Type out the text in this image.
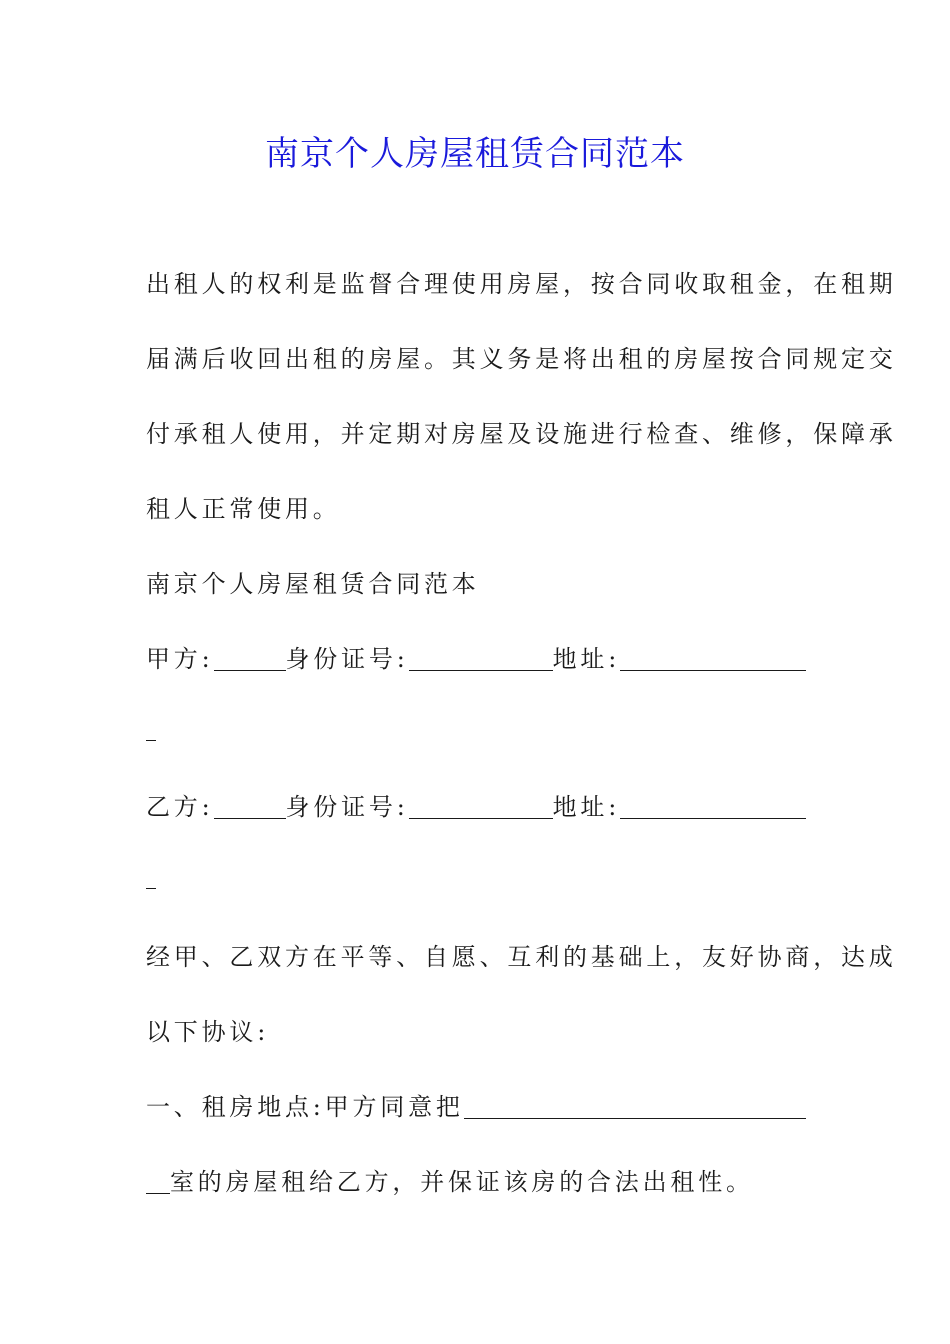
南京个人房屋租赁合同范本
出租人的权利是监督合理使用房屋，按合同收取租金，在租期
届满后收回出租的房屋。其义务是将出租的房屋按合同规定交
付承租人使用，并定期对房屋及设施进行检查、维修，保障承
租人正常使用。
南京个人房屋租赁合同范本
甲方:	身份证号:	地址:
乙方:	身份证号:	地址:
经甲、乙双方在平等、自愿、互利的基础上，友好协商，达成
以下协议:
一、租房地点:甲方同意把
室的房屋租给乙方，并保证该房的合法出租性。
